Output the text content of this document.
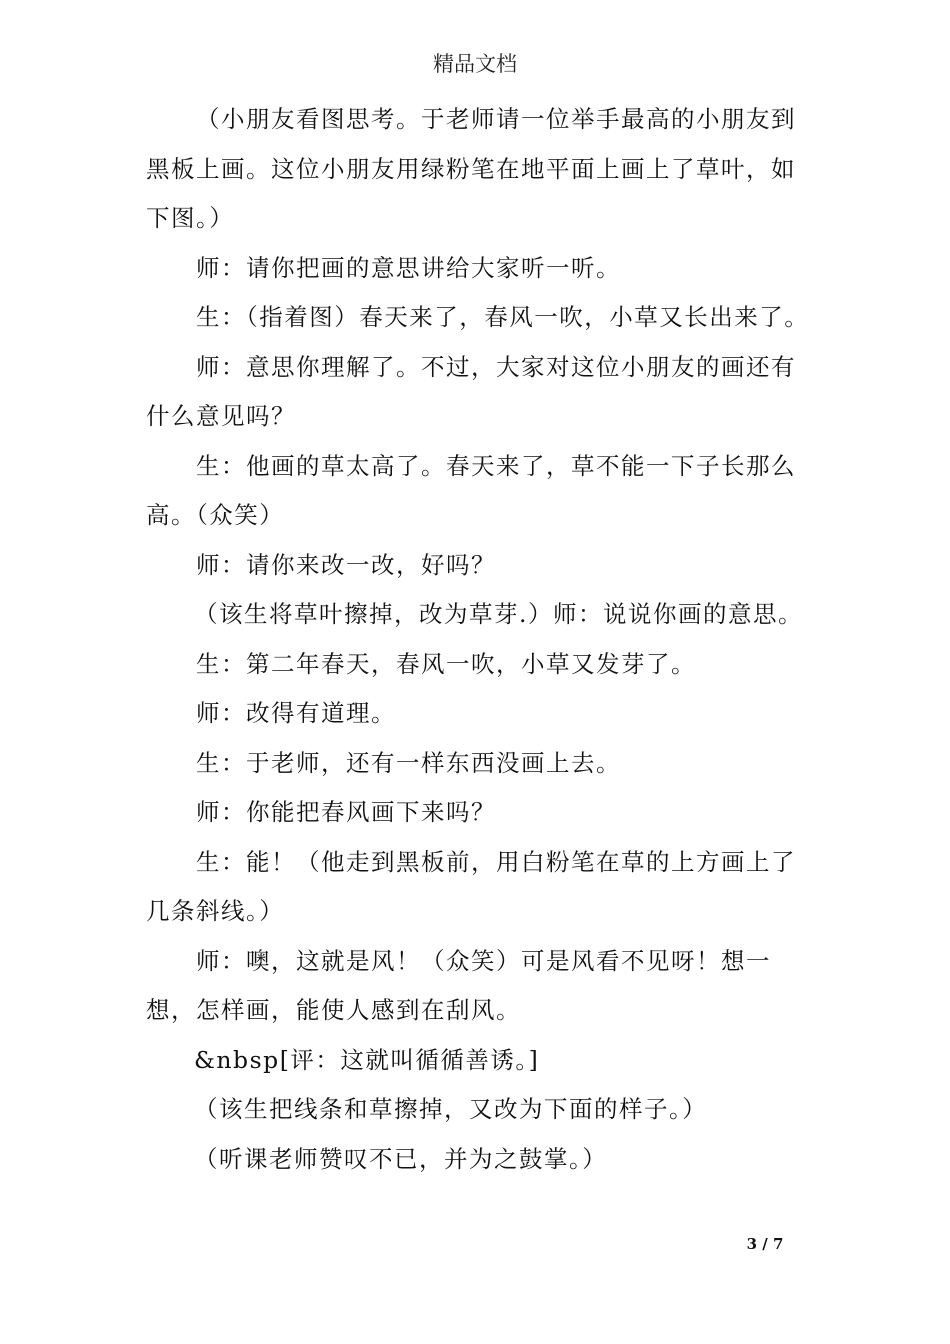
精品文档

（小朋友看图思考。于老师请一位举手最高的小朋友到黑板上画。这位小朋友用绿粉笔在地平面上画上了草叶，如下图。）

师：请你把画的意思讲给大家听一听。

生：（指着图）春天来了，春风一吹，小草又长出来了。

师：意思你理解了。不过，大家对这位小朋友的画还有什么意见吗？

生：他画的草太高了。春天来了，草不能一下子长那么高。（众笑）

师：请你来改一改，好吗？

（该生将草叶擦掉，改为草芽.）师：说说你画的意思。

生：第二年春天，春风一吹，小草又发芽了。

师：改得有道理。

生：于老师，还有一样东西没画上去。

师：你能把春风画下来吗？

生：能！（他走到黑板前，用白粉笔在草的上方画上了几条斜线。）

师：噢，这就是风！（众笑）可是风看不见呀！想一想，怎样画，能使人感到在刮风。

&nbsp[评：这就叫循循善诱。]

（该生把线条和草擦掉，又改为下面的样子。）

（听课老师赞叹不已，并为之鼓掌。）

3 / 7
